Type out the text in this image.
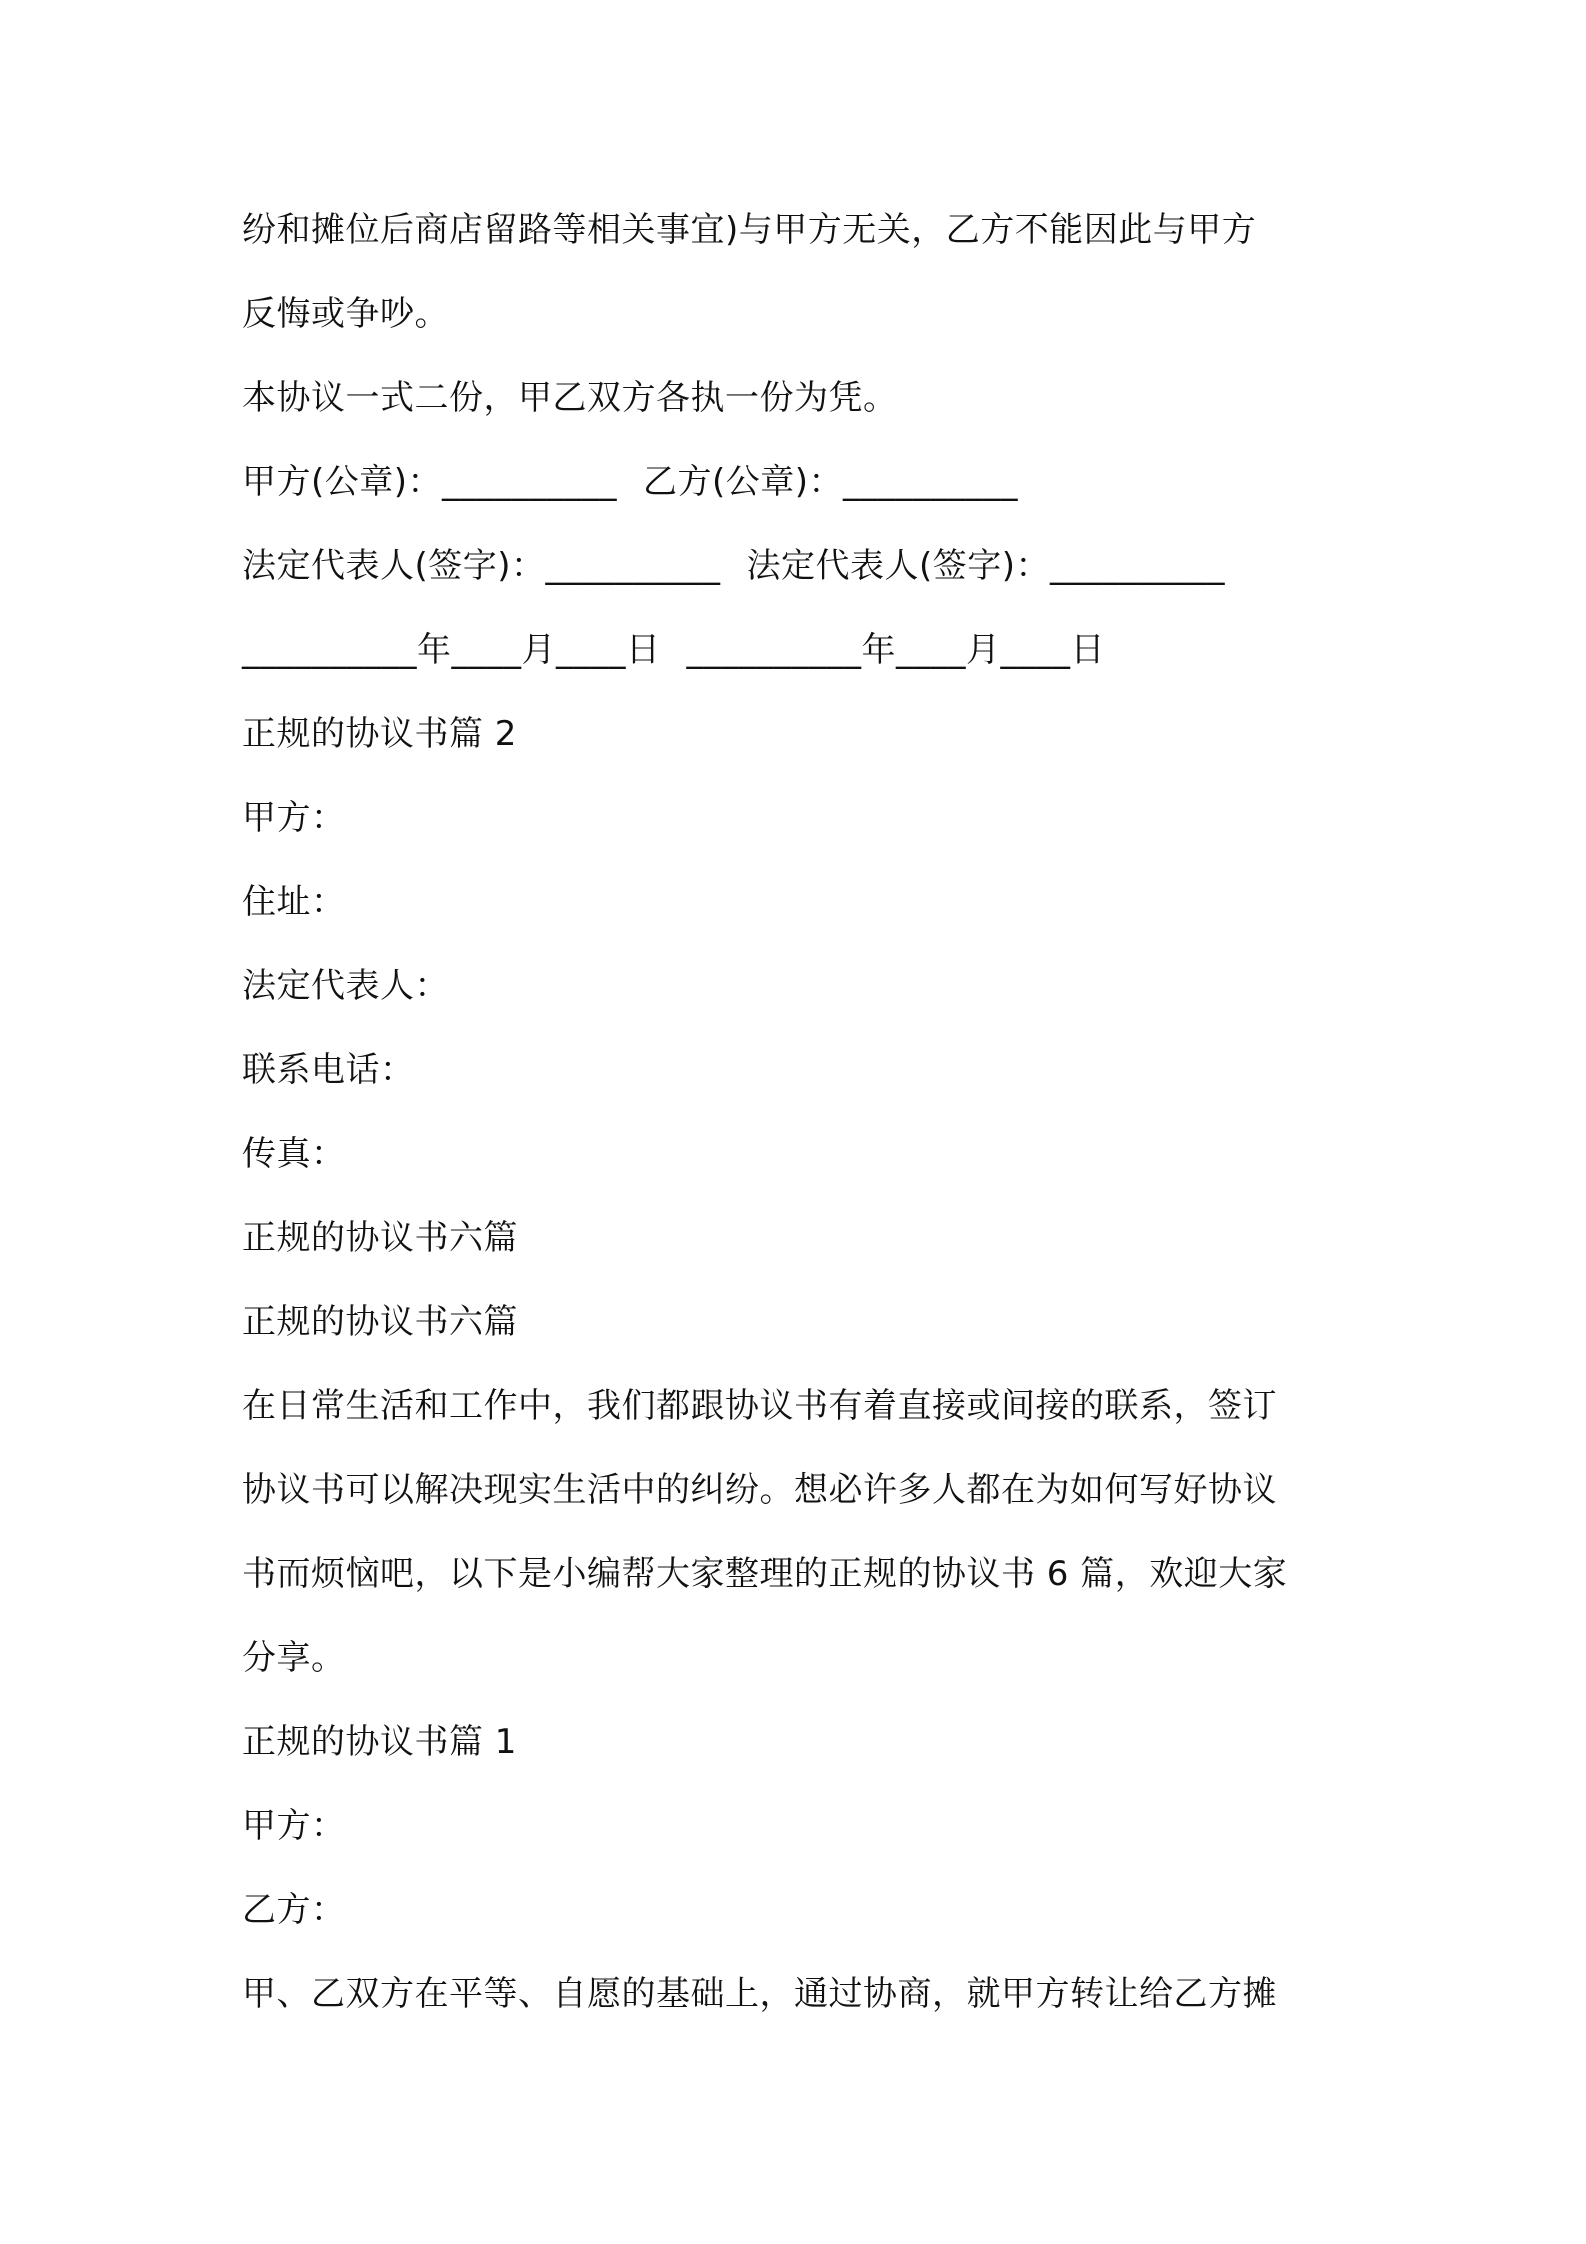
纷和摊位后商店留路等相关事宜)与甲方无关，乙方不能因此与甲方
反悔或争吵。
本协议一式二份，甲乙双方各执一份为凭。
甲方(公章)：__________ 乙方(公章)：__________
法定代表人(签字)：__________ 法定代表人(签字)：__________
__________年____月____日 __________年____月____日
正规的协议书篇 2
甲方：
住址：
法定代表人：
联系电话：
传真：
正规的协议书六篇
正规的协议书六篇
在日常生活和工作中，我们都跟协议书有着直接或间接的联系，签订
协议书可以解决现实生活中的纠纷。想必许多人都在为如何写好协议
书而烦恼吧，以下是小编帮大家整理的正规的协议书 6 篇，欢迎大家
分享。
正规的协议书篇 1
甲方：
乙方：
甲、乙双方在平等、自愿的基础上，通过协商，就甲方转让给乙方摊
